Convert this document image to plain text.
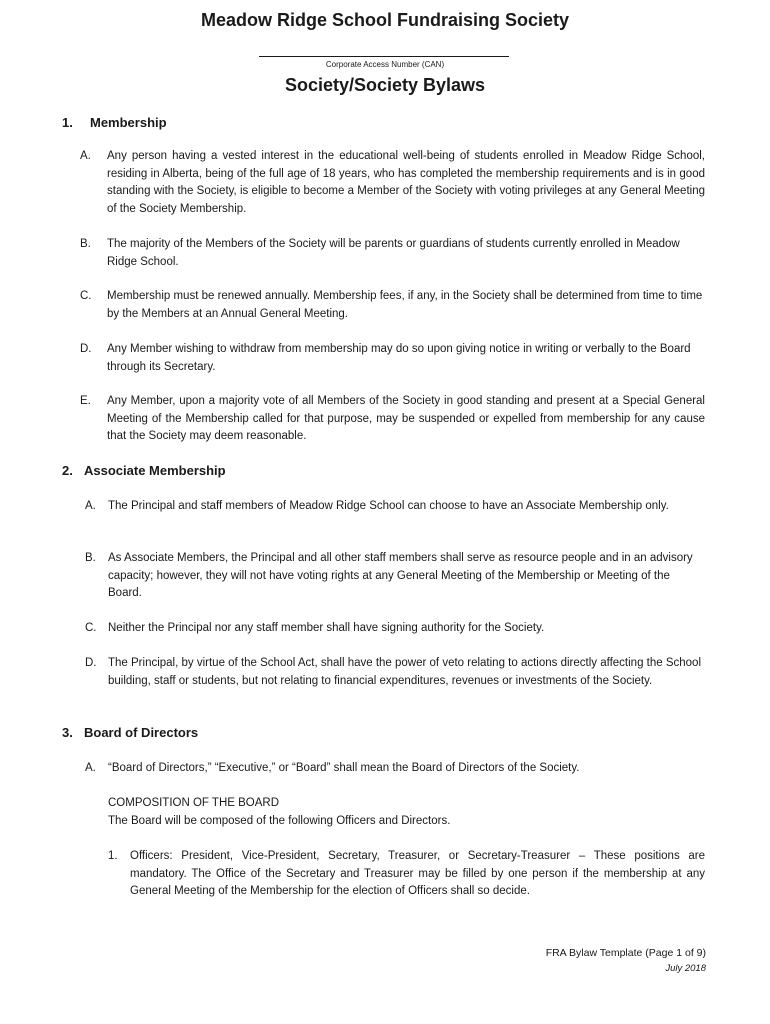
Meadow Ridge School Fundraising Society
Corporate Access Number (CAN)
Society/Society Bylaws
1. Membership
A. Any person having a vested interest in the educational well-being of students enrolled in Meadow Ridge School, residing in Alberta, being of the full age of 18 years, who has completed the membership requirements and is in good standing with the Society, is eligible to become a Member of the Society with voting privileges at any General Meeting of the Society Membership.
B. The majority of the Members of the Society will be parents or guardians of students currently enrolled in Meadow Ridge School.
C. Membership must be renewed annually. Membership fees, if any, in the Society shall be determined from time to time by the Members at an Annual General Meeting.
D. Any Member wishing to withdraw from membership may do so upon giving notice in writing or verbally to the Board through its Secretary.
E. Any Member, upon a majority vote of all Members of the Society in good standing and present at a Special General Meeting of the Membership called for that purpose, may be suspended or expelled from membership for any cause that the Society may deem reasonable.
2. Associate Membership
A. The Principal and staff members of Meadow Ridge School can choose to have an Associate Membership only.
B. As Associate Members, the Principal and all other staff members shall serve as resource people and in an advisory capacity; however, they will not have voting rights at any General Meeting of the Membership or Meeting of the Board.
C. Neither the Principal nor any staff member shall have signing authority for the Society.
D. The Principal, by virtue of the School Act, shall have the power of veto relating to actions directly affecting the School building, staff or students, but not relating to financial expenditures, revenues or investments of the Society.
3. Board of Directors
A. “Board of Directors,” “Executive,” or “Board” shall mean the Board of Directors of the Society.
COMPOSITION OF THE BOARD
The Board will be composed of the following Officers and Directors.
1. Officers: President, Vice-President, Secretary, Treasurer, or Secretary-Treasurer – These positions are mandatory. The Office of the Secretary and Treasurer may be filled by one person if the membership at any General Meeting of the Membership for the election of Officers shall so decide.
FRA Bylaw Template (Page 1 of 9)
July 2018
